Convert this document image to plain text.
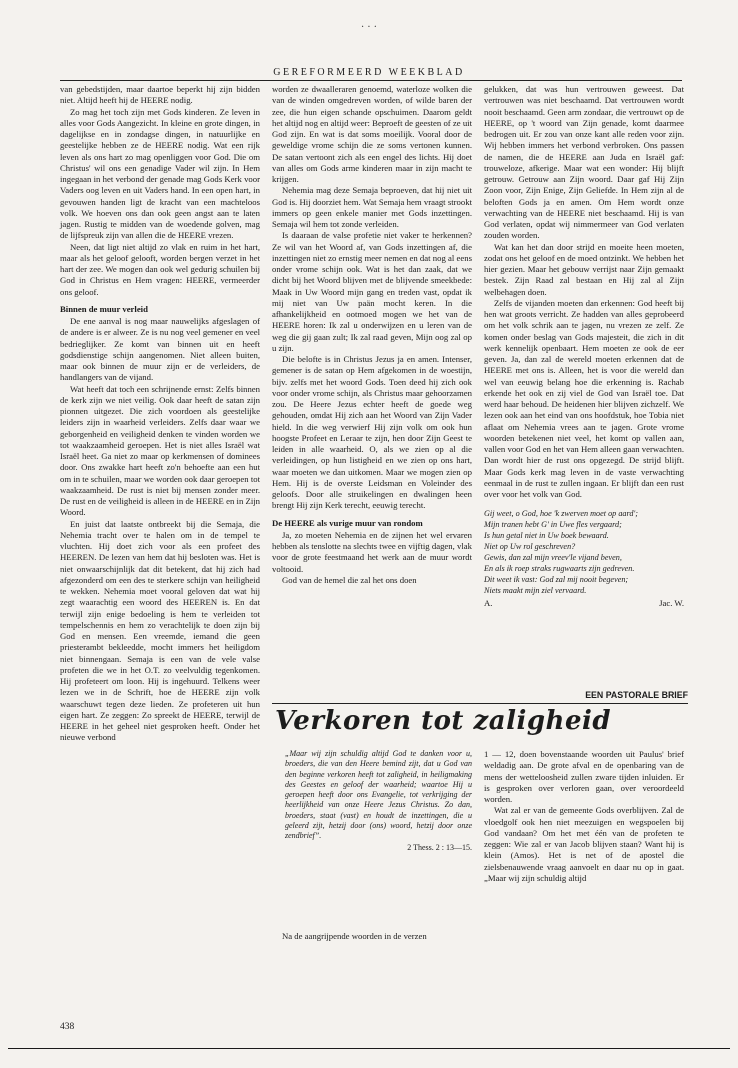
· · ·
GEREFORMEERD WEEKBLAD

van gebedstijden, maar daartoe beperkt hij zijn bidden niet. Altijd heeft hij de HEERE nodig.

Zo mag het toch zijn met Gods kinderen. Ze leven in alles voor Gods Aangezicht. In kleine en grote dingen, in dagelijkse en in zondagse dingen, in natuurlijke en geestelijke hebben ze de HEERE nodig. Wat een rijk leven als ons hart zo mag openliggen voor God. Die om Christus' wil ons een genadige Vader wil zijn. In Hem ingegaan in het verbond der genade mag Gods Kerk voor Vaders oog leven en uit Vaders hand. In een open hart, in gevouwen handen ligt de kracht van een machteloos volk. We hoeven ons dan ook geen angst aan te laten jagen. Rustig te midden van de woedende golven, mag de lijfspreuk zijn van allen die de HEERE vrezen.

Neen, dat ligt niet altijd zo vlak en ruim in het hart, maar als het geloof gelooft, worden bergen verzet in het hart der zee. We mogen dan ook wel gedurig schuilen bij God in Christus en Hem vragen: HEERE, vermeerder ons geloof.

Binnen de muur verleid

De ene aanval is nog maar nauwelijks afgeslagen of de andere is er alweer. Ze is nu nog veel gemener en veel bedrieglijker. Ze komt van binnen uit en heeft godsdienstige schijn aangenomen. Niet alleen buiten, maar ook binnen de muur zijn er de verleiders, de handlangers van de vijand.

Wat heeft dat toch een schrijnende ernst: Zelfs binnen de kerk zijn we niet veilig. Ook daar heeft de satan zijn pionnen uitgezet. Die zich voordoen als geestelijke leiders zijn in waarheid verleiders. Zelfs daar waar we geborgenheid en veiligheid denken te vinden worden we tot waakzaamheid geroepen. Het is niet alles Israël wat Israël heet. Ga niet zo maar op kerkmensen of dominees door. Ons zwakke hart heeft zo'n behoefte aan een hut om in te schuilen, maar we worden ook daar geroepen tot waakzaamheid. De rust is niet bij mensen zonder meer. De rust en de veiligheid is alleen in de HEERE en in Zijn Woord.

En juist dat laatste ontbreekt bij die Semaja, die Nehemia tracht over te halen om in de tempel te vluchten. Hij doet zich voor als een profeet des HEEREN. De lezen van hem dat hij besloten was. Het is niet onwaarschijnlijk dat dit betekent, dat hij zich had afgezonderd om een des te sterkere schijn van heiligheid te wekken. Nehemia moet vooral geloven dat wat hij zegt waarachtig een woord des HEEREN is. En dat terwijl zijn enige bedoeling is hem te verleiden tot tempelschennis en hem zo verachtelijk te doen zijn bij God en mensen. Een vreemde, iemand die geen priesterambt bekleedde, mocht immers het heiligdom niet binnengaan. Semaja is een van de vele valse profeten die we in het O.T. zo veelvuldig tegenkomen. Hij profeteert om loon. Hij is ingehuurd. Telkens weer lezen we in de Schrift, hoe de HEERE zijn volk waarschuwt tegen deze lieden. Ze profeteren uit hun eigen hart. Ze zeggen: Zo spreekt de HEERE, terwijl de HEERE in het geheel niet gesproken heeft. Onder het nieuwe verbond

worden ze dwaalleraren genoemd, waterloze wolken die van de winden omgedreven worden, of wilde baren der zee, die hun eigen schande opschuimen. Daarom geldt het altijd nog en altijd weer: Beproeft de geesten of ze uit God zijn. En wat is dat soms moeilijk. Vooral door de geweldige vrome schijn die ze soms vertonen kunnen. De satan vertoont zich als een engel des lichts. Hij doet van alles om Gods arme kinderen maar in zijn macht te krijgen.

Nehemia mag deze Semaja beproeven, dat hij niet uit God is. Hij doorziet hem. Wat Semaja hem vraagt strookt immers op geen enkele manier met Gods inzettingen. Semaja wil hem tot zonde verleiden.

Is daaraan de valse profetie niet vaker te herkennen? Ze wil van het Woord af, van Gods inzettingen af, die inzettingen niet zo ernstig meer nemen en dat nog al eens onder vrome schijn ook. Wat is het dan zaak, dat we dicht bij het Woord blijven met de blijvende smeekbede: Maak in Uw Woord mijn gang en treden vast, opdat ik mij niet van Uw paän mocht keren. In die afhankelijkheid en ootmoed mogen we het van de HEERE horen: Ik zal u onderwijzen en u leren van de weg die gij gaan zult; Ik zal raad geven, Mijn oog zal op u zijn.

Die belofte is in Christus Jezus ja en amen. Intenser, gemener is de satan op Hem afgekomen in de woestijn, bijv. zelfs met het woord Gods. Toen deed hij zich ook voor onder vrome schijn, als Christus maar gehoorzamen zou. De Heere Jezus echter heeft de goede weg gehouden, omdat Hij zich aan het Woord van Zijn Vader hield. In die weg verwierf Hij zijn volk om ook hun hoogste Profeet en Leraar te zijn, hen door Zijn Geest te leiden in alle waarheid. O, als we zien op al die verleidingen, op hun listigheid en we zien op ons hart, waar moeten we dan uitkomen. Maar we mogen zien op Hem. Hij is de overste Leidsman en Voleinder des geloofs. Door alle struikelingen en dwalingen heen brengt Hij zijn Kerk terecht, eeuwig terecht.

De HEERE als vurige muur van rondom

Ja, zo moeten Nehemia en de zijnen het wel ervaren hebben als tenslotte na slechts twee en vijftig dagen, vlak voor de grote feestmaand het werk aan de muur wordt voltooid.

God van de hemel die zal het ons doen

gelukken, dat was hun vertrouwen geweest. Dat vertrouwen was niet beschaamd. Dat vertrouwen wordt nooit beschaamd. Geen arm zondaar, die vertrouwt op de HEERE, op 't woord van Zijn genade, komt daarmee bedrogen uit. Er zou van onze kant alle reden voor zijn. Wij hebben immers het verbond verbroken. Ons passen de namen, die de HEERE aan Juda en Israël gaf: trouweloze, afkerige. Maar wat een wonder: Hij blijft getrouw. Getrouw aan Zijn woord. Daar gaf Hij Zijn Zoon voor, Zijn Enige, Zijn Geliefde. In Hem zijn al de beloften Gods ja en amen. Om Hem wordt onze verwachting van de HEERE niet beschaamd. Hij is van God verlaten, opdat wij nimmermeer van God verlaten zouden worden.

Wat kan het dan door strijd en moeite heen moeten, zodat ons het geloof en de moed ontzinkt. We hebben het hier gezien. Maar het gebouw verrijst naar Zijn gemaakt bestek. Zijn Raad zal bestaan en Hij zal al Zijn welbehagen doen.

Zelfs de vijanden moeten dan erkennen: God heeft bij hen wat groots verricht. Ze hadden van alles geprobeerd om het volk schrik aan te jagen, nu vrezen ze zelf. Ze komen onder beslag van Gods majesteit, die zich in dit werk kennelijk openbaart. Hem moeten ze ook de eer geven. Ja, dan zal de wereld moeten erkennen dat de HEERE met ons is. Alleen, het is voor die wereld dan wel van eeuwig belang hoe die erkenning is. Rachab erkende het ook en zij viel de God van Israël toe. Dat werd haar behoud. De heidenen hier blijven zichzelf. We lezen ook aan het eind van ons hoofdstuk, hoe Tobia niet aflaat om Nehemia vrees aan te jagen. Grote vrome woorden betekenen niet veel, het komt op vallen aan, vallen voor God en het van Hem alleen gaan verwachten. Dan wordt hier de rust ons opgezegd. De strijd blijft. Maar Gods kerk mag leven in de vaste verwachting eenmaal in de rust te zullen ingaan. Er blijft dan een rust over voor het volk van God.

Gij weet, o God, hoe 'k zwerven moet op aard';
Mijn tranen hebt G' in Uwe fles vergaard;
Is hun getal niet in Uw boek bewaard.
Niet op Uw rol geschreven?
Gewis, dan zal mijn vreev'le vijand beven,
En als ik roep straks rugwaarts zijn gedreven.
Dit weet ik vast: God zal mij nooit begeven;
Niets maakt mijn ziel vervaard.
A.	Jac. W.
EEN PASTORALE BRIEF
Verkoren tot zaligheid
„Maar wij zijn schuldig altijd God te danken voor u, broeders, die van den Heere bemind zijt, dat u God van den beginne verkoren heeft tot zaligheid, in heiligmaking des Geestes en geloof der waarheid; waartoe Hij u geroepen heeft door ons Evangelie, tot verkrijging der heerlijkheid van onze Heere Jezus Christus. Zo dan, broeders, staat (vast) en houdt de inzettingen, die u geleerd zijt, hetzij door (ons) woord, hetzij door onze zendbrief”.
2 Thess. 2 : 13—15.

Na de aangrijpende woorden in de verzen

1 — 12, doen bovenstaande woorden uit Paulus' brief weldadig aan. De grote afval en de openbaring van de mens der wetteloosheid zullen zware tijden inluiden. Er is gesproken over verloren gaan, over veroordeeld worden.

Wat zal er van de gemeente Gods overblijven. Zal de vloedgolf ook hen niet meezuigen en wegspoelen bij God vandaan? Om het met één van de profeten te zeggen: Wie zal er van Jacob blijven staan? Want hij is klein (Amos). Het is net of de apostel die zielsbenauwende vraag aanvoelt en daar nu op in gaat. „Maar wij zijn schuldig altijd

438
